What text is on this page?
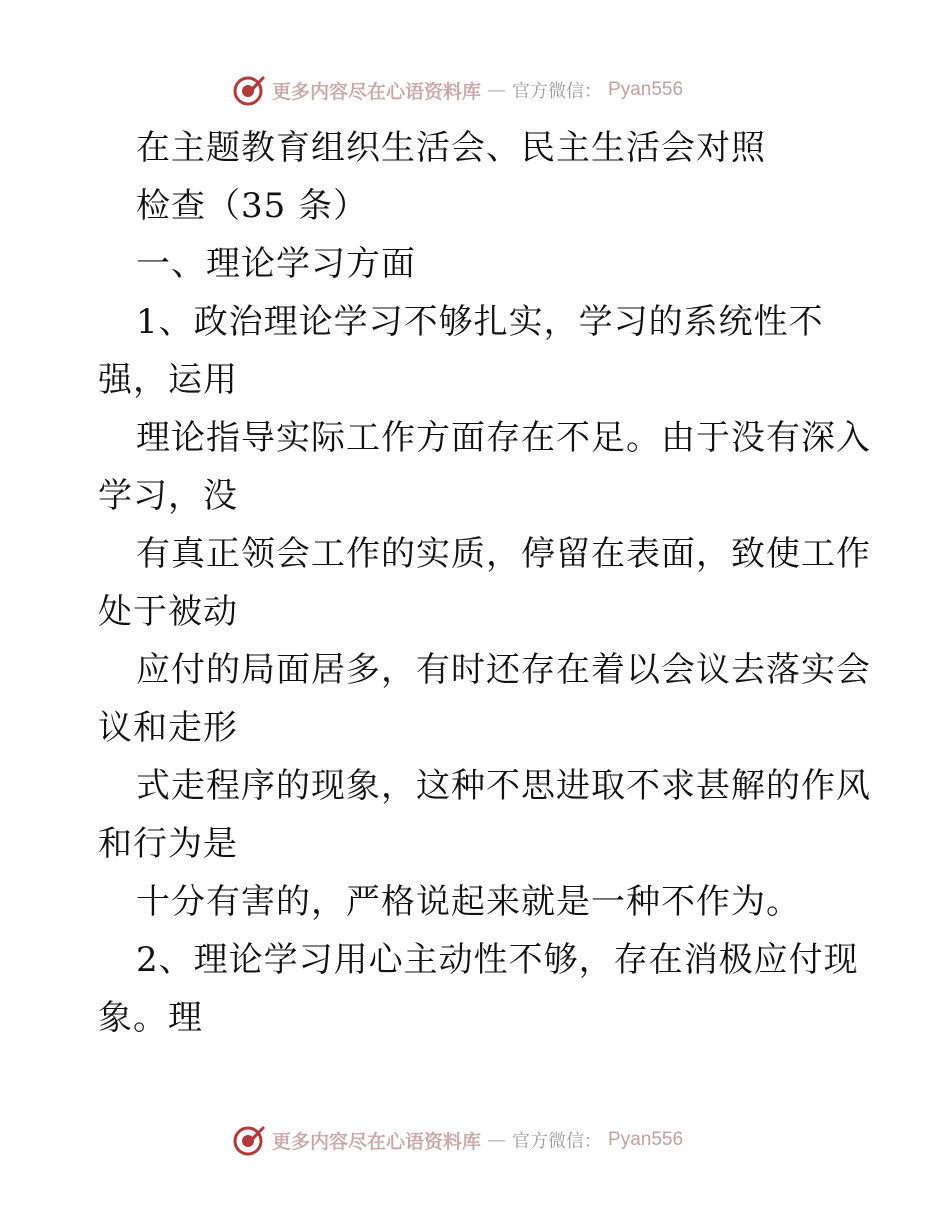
更多内容尽在心语资料库 — 官方微信： Pyan556
在主题教育组织生活会、民主生活会对照
检查（35 条）
一、理论学习方面
1、政治理论学习不够扎实，学习的系统性不
强，运用
理论指导实际工作方面存在不足。由于没有深入
学习，没
有真正领会工作的实质，停留在表面，致使工作
处于被动
应付的局面居多，有时还存在着以会议去落实会
议和走形
式走程序的现象，这种不思进取不求甚解的作风
和行为是
十分有害的，严格说起来就是一种不作为。
2、理论学习用心主动性不够，存在消极应付现
象。理
更多内容尽在心语资料库 — 官方微信： Pyan556
